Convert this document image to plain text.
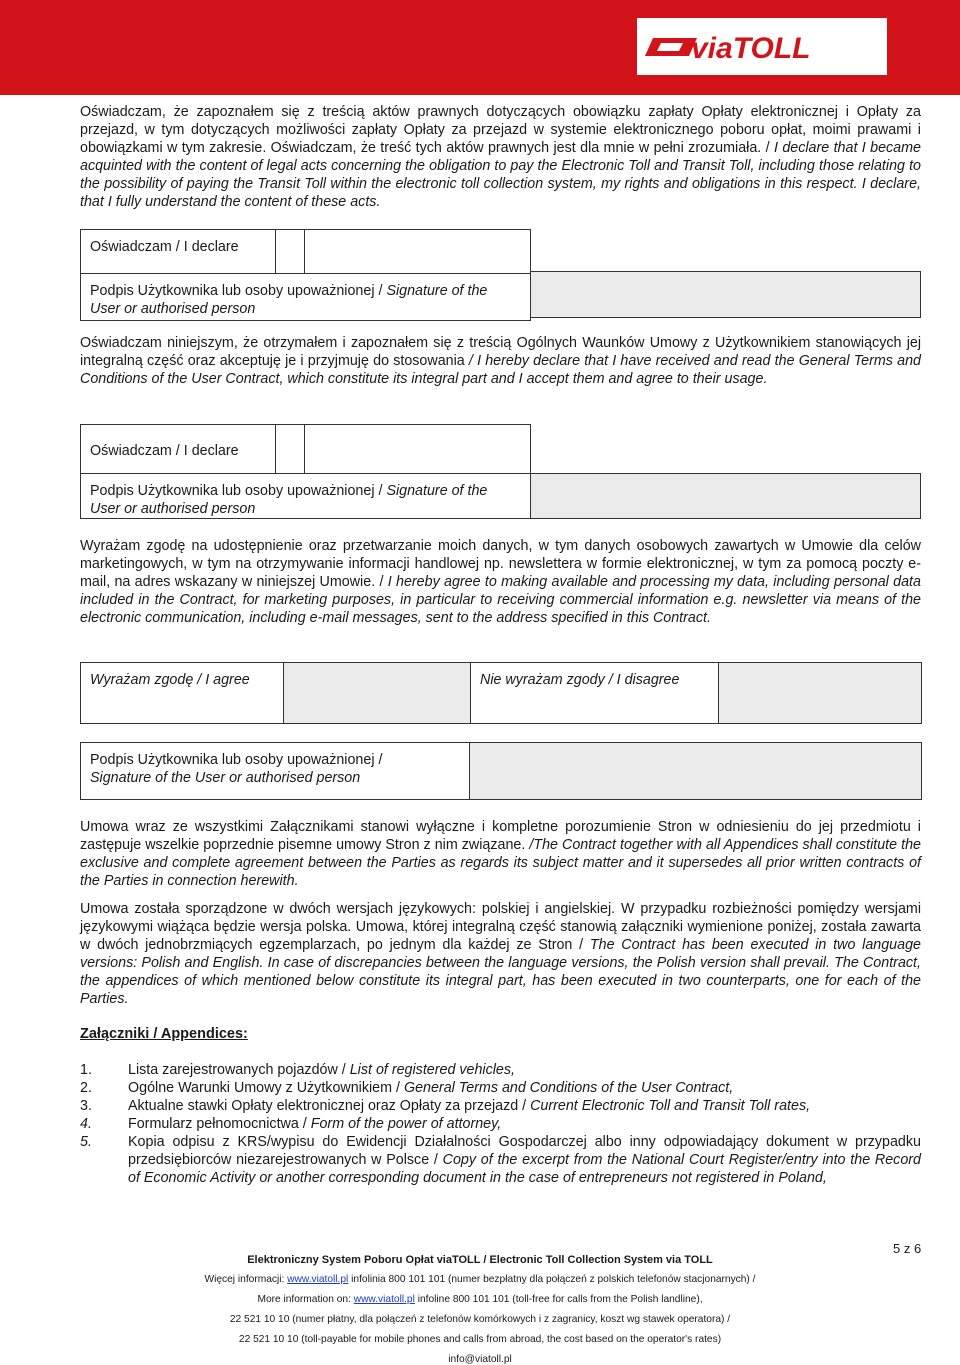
viaTOLL

Oświadczam, że zapoznałem się z treścią aktów prawnych dotyczących obowiązku zapłaty Opłaty elektronicznej i Opłaty za przejazd, w tym dotyczących możliwości zapłaty Opłaty za przejazd w systemie elektronicznego poboru opłat, moimi prawami i obowiązkami w tym zakresie. Oświadczam, że treść tych aktów prawnych jest dla mnie w pełni zrozumiała. / I declare that I became acquinted with the content of legal acts concerning the obligation to pay the Electronic Toll and Transit Toll, including those relating to the possibility of paying the Transit Toll within the electronic toll collection system, my rights and obligations in this respect. I declare, that I fully understand the content of these acts.

Oświadczam / I declare
Podpis Użytkownika lub osoby upoważnionej / Signature of the User or authorised person

Oświadczam niniejszym, że otrzymałem i zapoznałem się z treścią Ogólnych Waunków Umowy z Użytkownikiem stanowiących jej integralną część oraz akceptuję je i przyjmuję do stosowania / I hereby declare that I have received and read the General Terms and Conditions of the User Contract, which constitute its integral part and I accept them and agree to their usage.

Oświadczam / I declare
Podpis Użytkownika lub osoby upoważnionej / Signature of the User or authorised person

Wyrażam zgodę na udostępnienie oraz przetwarzanie moich danych, w tym danych osobowych zawartych w Umowie dla celów marketingowych, w tym na otrzymywanie informacji handlowej np. newslettera w formie elektronicznej, w tym za pomocą poczty e-mail, na adres wskazany w niniejszej Umowie. / I hereby agree to making available and processing my data, including personal data included in the Contract, for marketing purposes, in particular to receiving commercial information e.g. newsletter via means of the electronic communication, including e-mail messages, sent to the address specified in this Contract.

Wyrażam zgodę / I agree	Nie wyrażam zgody / I disagree
Podpis Użytkownika lub osoby upoważnionej /
Signature of the User or authorised person

Umowa wraz ze wszystkimi Załącznikami stanowi wyłączne i kompletne porozumienie Stron w odniesieniu do jej przedmiotu i zastępuje wszelkie poprzednie pisemne umowy Stron z nim związane. /The Contract together with all Appendices shall constitute the exclusive and complete agreement between the Parties as regards its subject matter and it supersedes all prior written contracts of the Parties in connection herewith.

Umowa została sporządzone w dwóch wersjach językowych: polskiej i angielskiej. W przypadku rozbieżności pomiędzy wersjami językowymi wiążąca będzie wersja polska. Umowa, której integralną część stanowią załączniki wymienione poniżej, została zawarta w dwóch jednobrzmiących egzemplarzach, po jednym dla każdej ze Stron / The Contract has been executed in two language versions: Polish and English. In case of discrepancies between the language versions, the Polish version shall prevail. The Contract, the appendices of which mentioned below constitute its integral part, has been executed in two counterparts, one for each of the Parties.

Załączniki / Appendices:
1.	Lista zarejestrowanych pojazdów / List of registered vehicles,
2.	Ogólne Warunki Umowy z Użytkownikiem / General Terms and Conditions of the User Contract,
3.	Aktualne stawki Opłaty elektronicznej oraz Opłaty za przejazd / Current Electronic Toll and Transit Toll rates,
4.	Formularz pełnomocnictwa / Form of the power of attorney,
5.	Kopia odpisu z KRS/wypisu do Ewidencji Działalności Gospodarczej albo inny odpowiadający dokument w przypadku przedsiębiorców niezarejestrowanych w Polsce / Copy of the excerpt from the National Court Register/entry into the Record of Economic Activity or another corresponding document in the case of entrepreneurs not registered in Poland,
5 z 6
Elektroniczny System Poboru Opłat viaTOLL / Electronic Toll Collection System via TOLL
Więcej informacji: www.viatoll.pl infolinia 800 101 101 (numer bezpłatny dla połączeń z polskich telefonów stacjonarnych) /
More information on: www.viatoll.pl infoline 800 101 101 (toll-free for calls from the Polish landline),
22 521 10 10 (numer płatny, dla połączeń z telefonów komórkowych i z zagranicy, koszt wg stawek operatora) /
22 521 10 10 (toll-payable for mobile phones and calls from abroad, the cost based on the operator's rates)
info@viatoll.pl
